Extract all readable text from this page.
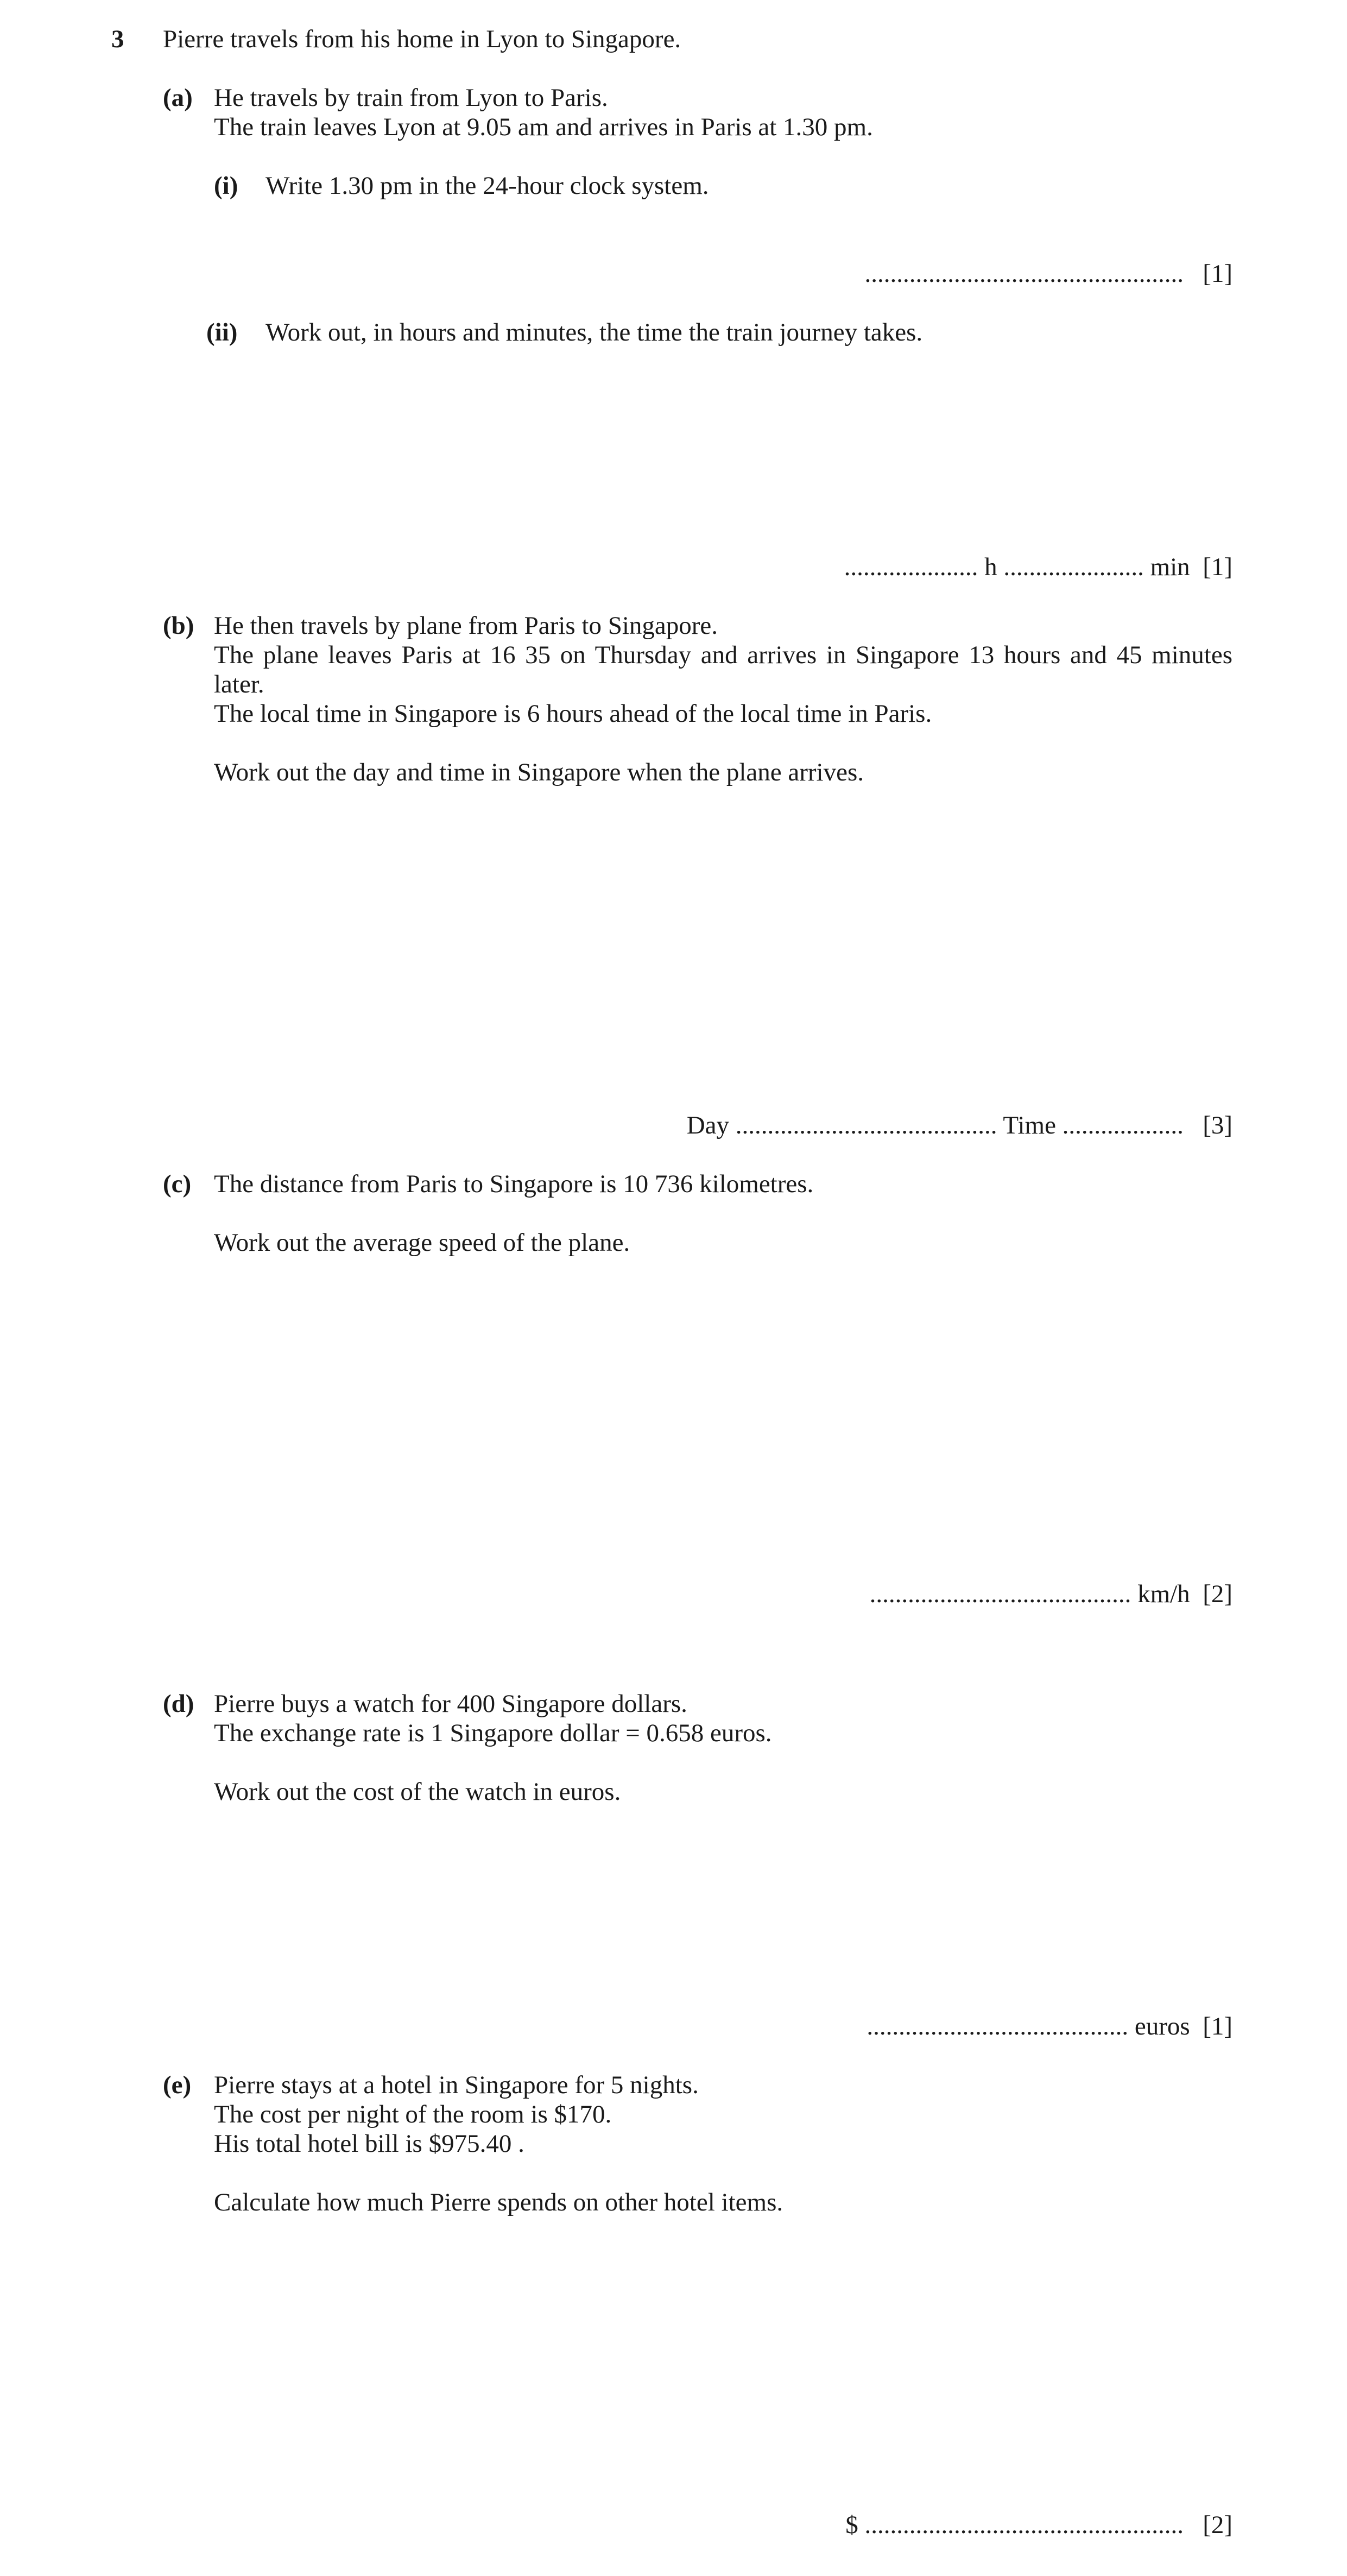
3 Pierre travels from his home in Lyon to Singapore.
(a) He travels by train from Lyon to Paris.
The train leaves Lyon at 9.05 am and arrives in Paris at 1.30 pm.
(i) Write 1.30 pm in the 24-hour clock system.
.................................................. [1]
(ii) Work out, in hours and minutes, the time the train journey takes.
..................... h ...................... min [1]
(b) He then travels by plane from Paris to Singapore.
The plane leaves Paris at 16 35 on Thursday and arrives in Singapore 13 hours and 45 minutes
later.
The local time in Singapore is 6 hours ahead of the local time in Paris.
Work out the day and time in Singapore when the plane arrives.
Day ......................................... Time ................... [3]
(c) The distance from Paris to Singapore is 10 736 kilometres.
Work out the average speed of the plane.
......................................... km/h [2]
(d) Pierre buys a watch for 400 Singapore dollars.
The exchange rate is 1 Singapore dollar = 0.658 euros.
Work out the cost of the watch in euros.
......................................... euros [1]
(e) Pierre stays at a hotel in Singapore for 5 nights.
The cost per night of the room is $170.
His total hotel bill is $975.40 .
Calculate how much Pierre spends on other hotel items.
$ .................................................. [2]
